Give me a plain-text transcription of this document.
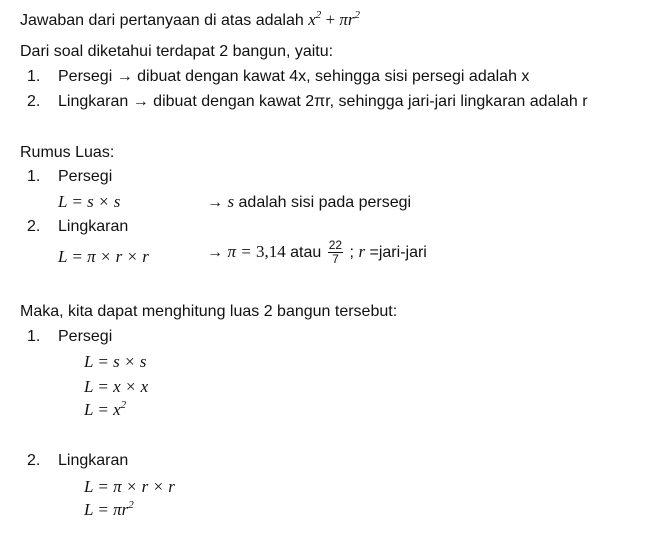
Jawaban dari pertanyaan di atas adalah $x^2 + \pi r^2$
Dari soal diketahui terdapat 2 bangun, yaitu:
1. Persegi → dibuat dengan kawat 4x, sehingga sisi persegi adalah x
2. Lingkaran → dibuat dengan kawat 2πr, sehingga jari-jari lingkaran adalah r
Rumus Luas:
1. Persegi
L = s × s	→ s adalah sisi pada persegi
2. Lingkaran
L = π × r × r	→ π = 3,14 atau $\frac{22}{7}$ ; r =jari-jari
Maka, kita dapat menghitung luas 2 bangun tersebut:
1. Persegi
L = s × s
L = x × x
$L = x^2$
2. Lingkaran
L = π × r × r
$L = \pi r^2$
